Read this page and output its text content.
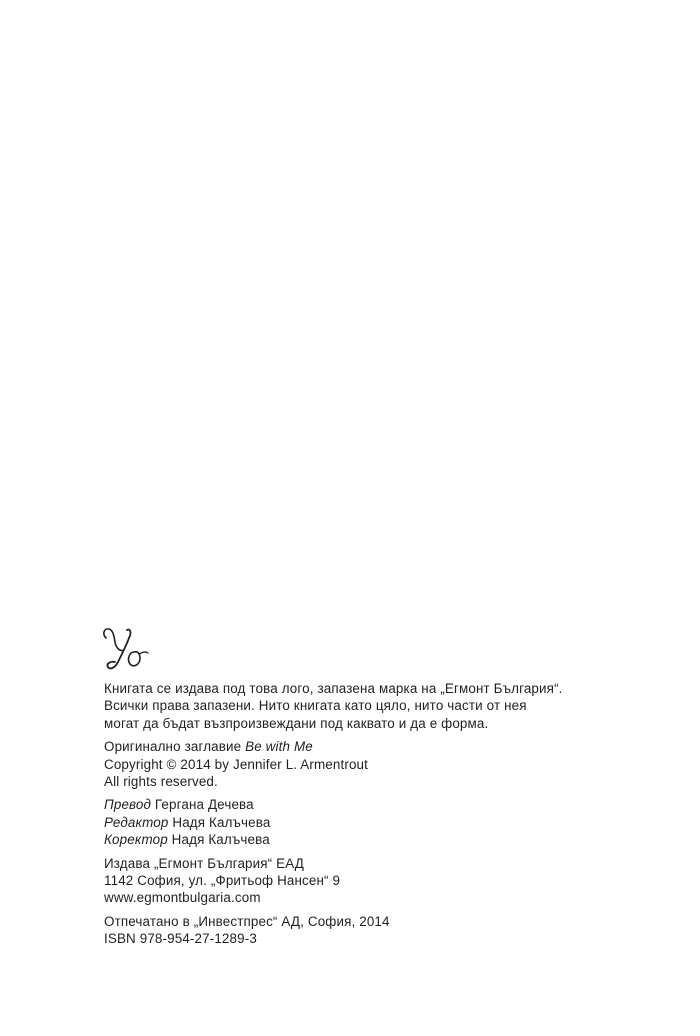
Книгата се издава под това лого, запазена марка на „Егмонт България“.

Всички права запазени. Нито книгата като цяло, нито части от нея

могат да бъдат възпроизвеждани под каквато и да е форма.

Оригинално заглавие Be with Me

Copyright © 2014 by Jennifer L. Armentrout

All rights reserved.

Превод Гергана Дечева

Редактор Надя Калъчева

Коректор Надя Калъчева

Издава „Егмонт България“ ЕАД

1142 София, ул. „Фритьоф Нансен“ 9

www.egmontbulgaria.com

Отпечатано в „Инвестпрес“ АД, София, 2014

ISBN 978-954-27-1289-3
